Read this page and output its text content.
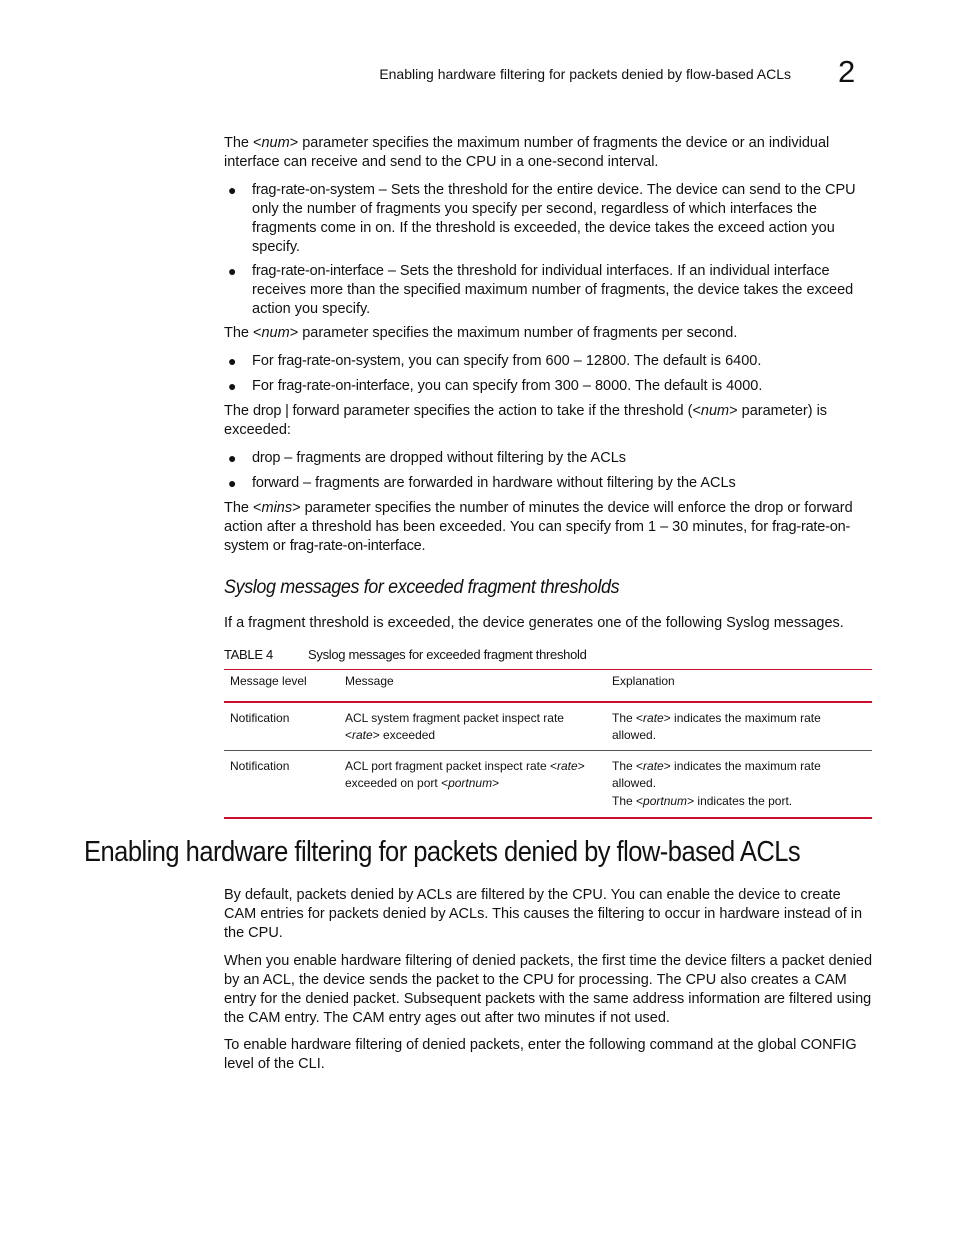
Enabling hardware filtering for packets denied by flow-based ACLs 2

The <num> parameter specifies the maximum number of fragments the device or an individual interface can receive and send to the CPU in a one-second interval.

● frag-rate-on-system – Sets the threshold for the entire device. The device can send to the CPU only the number of fragments you specify per second, regardless of which interfaces the fragments come in on. If the threshold is exceeded, the device takes the exceed action you specify.
● frag-rate-on-interface – Sets the threshold for individual interfaces. If an individual interface receives more than the specified maximum number of fragments, the device takes the exceed action you specify.

The <num> parameter specifies the maximum number of fragments per second.

● For frag-rate-on-system, you can specify from 600 – 12800. The default is 6400.
● For frag-rate-on-interface, you can specify from 300 – 8000. The default is 4000.

The drop | forward parameter specifies the action to take if the threshold (<num> parameter) is exceeded:

● drop – fragments are dropped without filtering by the ACLs
● forward – fragments are forwarded in hardware without filtering by the ACLs

The <mins> parameter specifies the number of minutes the device will enforce the drop or forward action after a threshold has been exceeded. You can specify from 1 – 30 minutes, for frag-rate-on-system or frag-rate-on-interface.

Syslog messages for exceeded fragment thresholds

If a fragment threshold is exceeded, the device generates one of the following Syslog messages.

TABLE 4	Syslog messages for exceeded fragment threshold
Message level	Message	Explanation
Notification	ACL system fragment packet inspect rate <rate> exceeded	The <rate> indicates the maximum rate allowed.
Notification	ACL port fragment packet inspect rate <rate> exceeded on port <portnum>	The <rate> indicates the maximum rate allowed.
The <portnum> indicates the port.
Enabling hardware filtering for packets denied by flow-based ACLs

By default, packets denied by ACLs are filtered by the CPU. You can enable the device to create CAM entries for packets denied by ACLs. This causes the filtering to occur in hardware instead of in the CPU.

When you enable hardware filtering of denied packets, the first time the device filters a packet denied by an ACL, the device sends the packet to the CPU for processing. The CPU also creates a CAM entry for the denied packet. Subsequent packets with the same address information are filtered using the CAM entry. The CAM entry ages out after two minutes if not used.

To enable hardware filtering of denied packets, enter the following command at the global CONFIG level of the CLI.
